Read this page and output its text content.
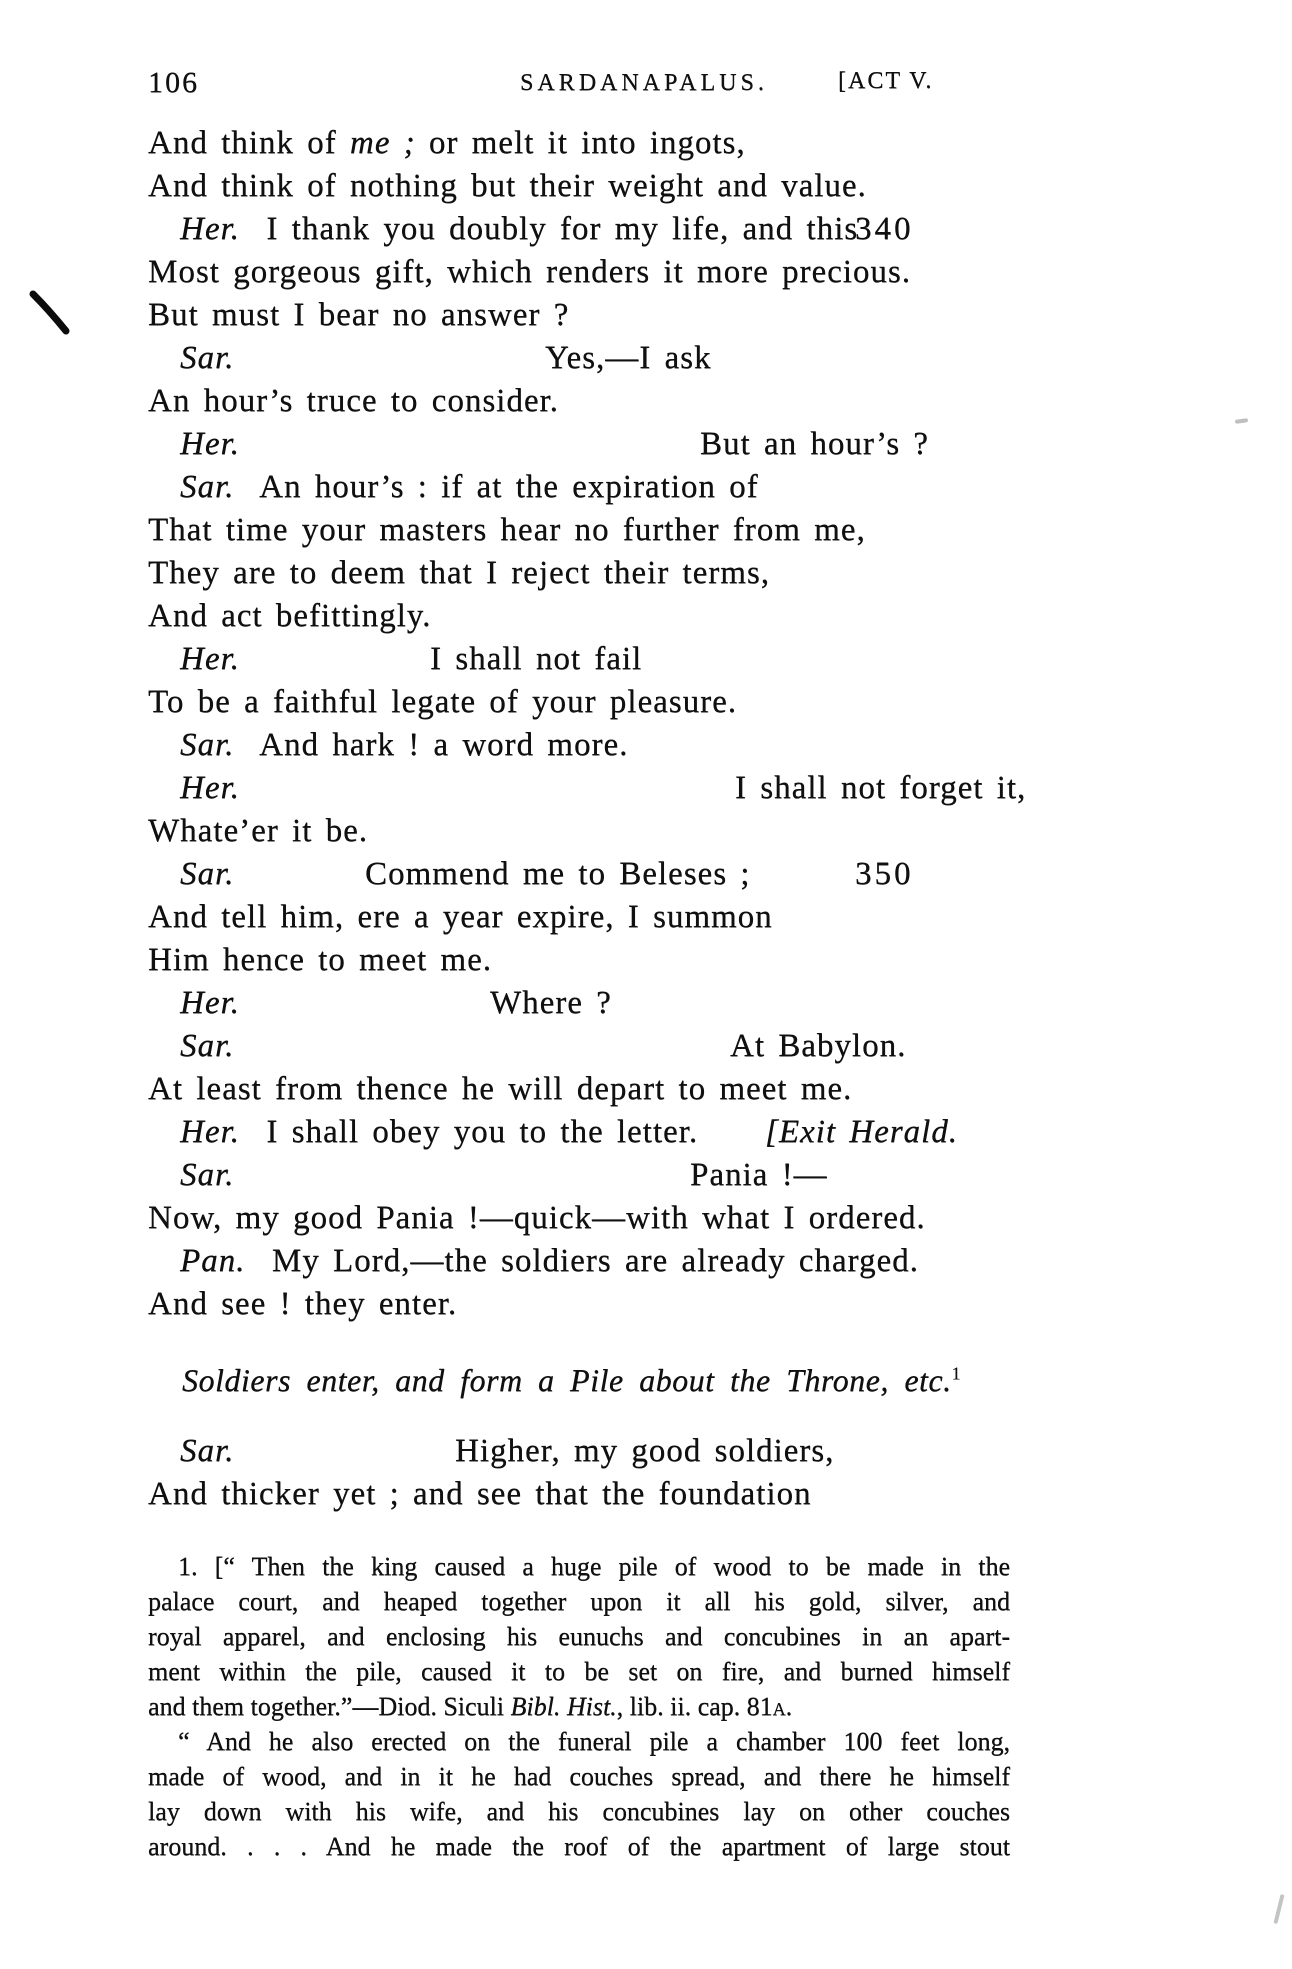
106	SARDANAPALUS.	[ACT V.
And think of me ; or melt it into ingots,
And think of nothing but their weight and value.
Her.  I thank you doubly for my life, and this
340
Most gorgeous gift, which renders it more precious.
But must I bear no answer ?
Sar.	Yes,—I ask
An hour’s truce to consider.
Her.	But an hour’s ?
Sar.  An hour’s : if at the expiration of
That time your masters hear no further from me,
They are to deem that I reject their terms,
And act befittingly.
Her.	I shall not fail
To be a faithful legate of your pleasure.
Sar.  And hark ! a word more.
Her.	I shall not forget it,
Whate’er it be.
Sar.	Commend me to Beleses ;	350
And tell him, ere a year expire, I summon
Him hence to meet me.
Her.	Where ?
Sar.	At Babylon.
At least from thence he will depart to meet me.
Her.  I shall obey you to the letter. [Exit Herald.
Sar.	Pania !—
Now, my good Pania !—quick—with what I ordered.
Pan.  My Lord,—the soldiers are already charged.
And see ! they enter.
Soldiers enter, and form a Pile about the Throne, etc.$^1$
Sar.	Higher, my good soldiers,
And thicker yet ; and see that the foundation
1. [“ Then the king caused a huge pile of wood to be made in the
palace court, and heaped together upon it all his gold, silver, and
royal apparel, and enclosing his eunuchs and concubines in an apart-
ment within the pile, caused it to be set on fire, and burned himself
and them together.”—Diod. Siculi Bibl. Hist., lib. ii. cap. 81a.
“ And he also erected on the funeral pile a chamber 100 feet long,
made of wood, and in it he had couches spread, and there he himself
lay down with his wife, and his concubines lay on other couches
around. . . . And he made the roof of the apartment of large stout
